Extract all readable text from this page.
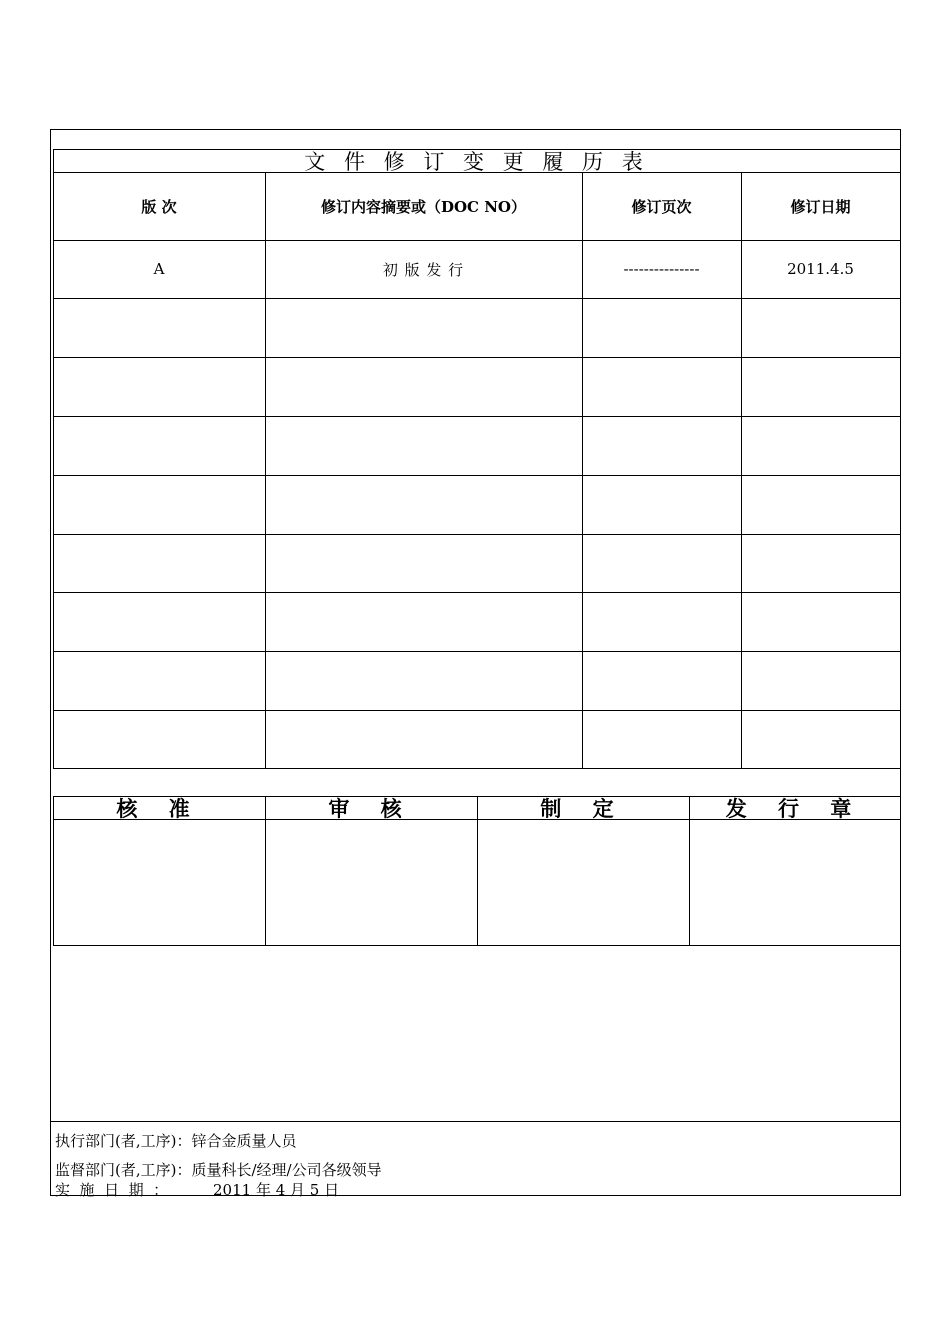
文 件 修 订 变 更 履 历 表
版 次	修订内容摘要或（DOC NO）	修订页次	修订日期
A	初 版 发 行	---------------	2011.4.5
核 准	审 核	制 定	发 行 章
执行部门(者,工序)：锌合金质量人员
监督部门(者,工序)：质量科长/经理/公司各级领导
实  施  日  期  ：	2011 年 4 月 5 日
